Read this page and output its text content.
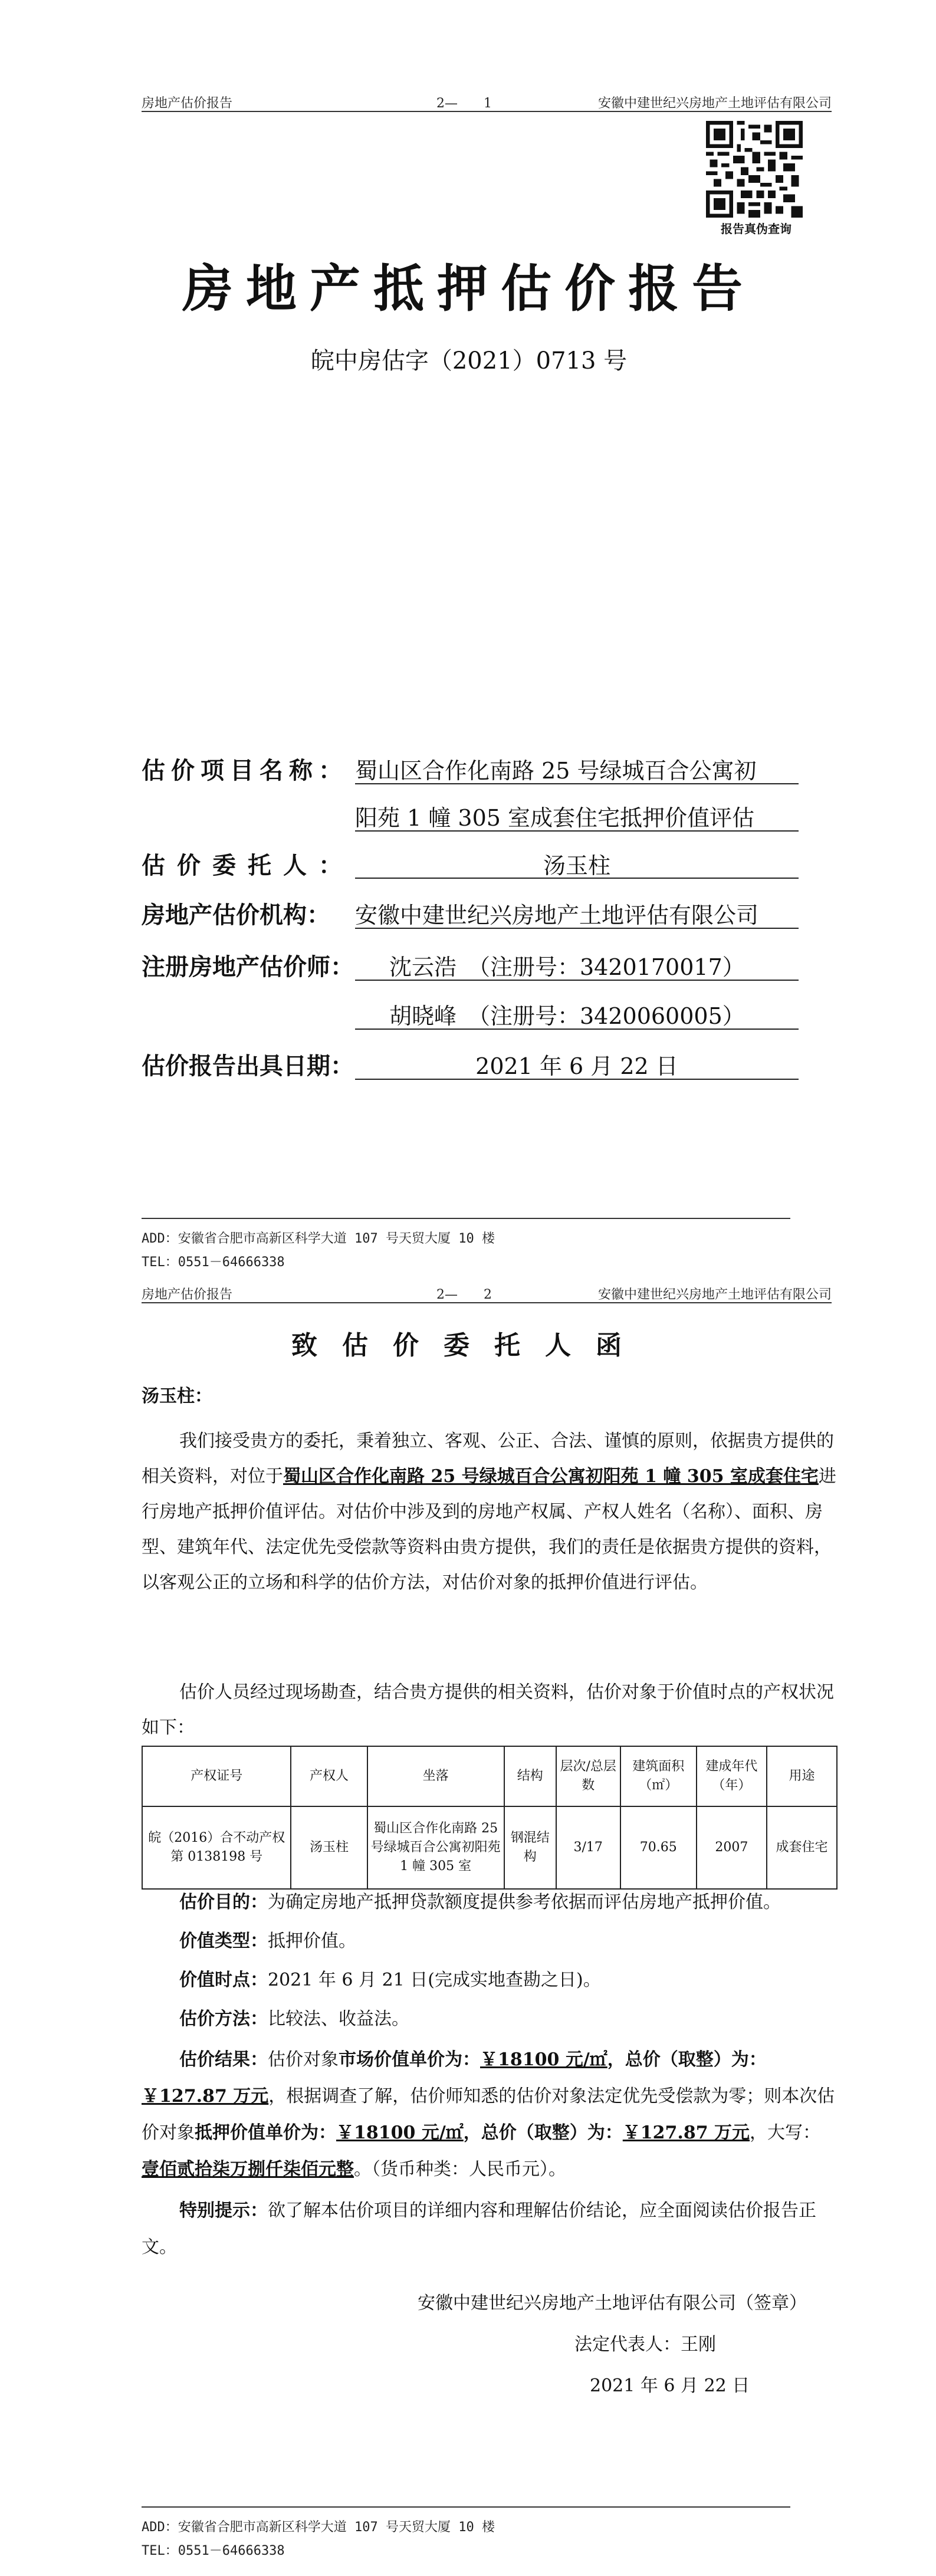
房地产估价报告	2—　　1	安徽中建世纪兴房地产土地评估有限公司
报告真伪查询
房地产抵押估价报告
皖中房估字（2021）0713 号
估价项目名称： 蜀山区合作化南路 25 号绿城百合公寓初
阳苑 1 幢 305 室成套住宅抵押价值评估
估价委托人：	汤玉柱
房地产估价机构： 安徽中建世纪兴房地产土地评估有限公司
注册房地产估价师： 沈云浩　（注册号：3420170017）
胡晓峰　（注册号：3420060005）
估价报告出具日期：	2021 年 6 月 22 日
ADD：安徽省合肥市高新区科学大道 107 号天贸大厦 10 楼
TEL：0551－64666338
房地产估价报告	2—　　2	安徽中建世纪兴房地产土地评估有限公司
致估价委托人函
汤玉柱：
我们接受贵方的委托，秉着独立、客观、公正、合法、谨慎的原则，依据贵方提供的相关资料，对位于蜀山区合作化南路 25 号绿城百合公寓初阳苑 1 幢 305 室成套住宅进行房地产抵押价值评估。对估价中涉及到的房地产权属、产权人姓名（名称）、面积、房型、建筑年代、法定优先受偿款等资料由贵方提供，我们的责任是依据贵方提供的资料，以客观公正的立场和科学的估价方法，对估价对象的抵押价值进行评估。
估价人员经过现场勘查，结合贵方提供的相关资料，估价对象于价值时点的产权状况如下：
产权证号	产权人	坐落	结构	层次/总层数	建筑面积（㎡）	建成年代（年）	用途
皖（2016）合不动产权第 0138198 号	汤玉柱	蜀山区合作化南路 25 号绿城百合公寓初阳苑 1 幢 305 室	钢混结构	3/17	70.65	2007	成套住宅
估价目的：为确定房地产抵押贷款额度提供参考依据而评估房地产抵押价值。
价值类型：抵押价值。
价值时点：2021 年 6 月 21 日(完成实地查勘之日)。
估价方法：比较法、收益法。
估价结果：估价对象市场价值单价为：￥18100 元/㎡，总价（取整）为：￥127.87 万元，根据调查了解，估价师知悉的估价对象法定优先受偿款为零；则本次估价对象抵押价值单价为：￥18100 元/㎡，总价（取整）为：￥127.87 万元，大写：壹佰贰拾柒万捌仟柒佰元整。（货币种类：人民币元）。
特别提示：欲了解本估价项目的详细内容和理解估价结论，应全面阅读估价报告正文。
安徽中建世纪兴房地产土地评估有限公司（签章）
法定代表人：王刚
2021 年 6 月 22 日
ADD：安徽省合肥市高新区科学大道 107 号天贸大厦 10 楼
TEL：0551－64666338
